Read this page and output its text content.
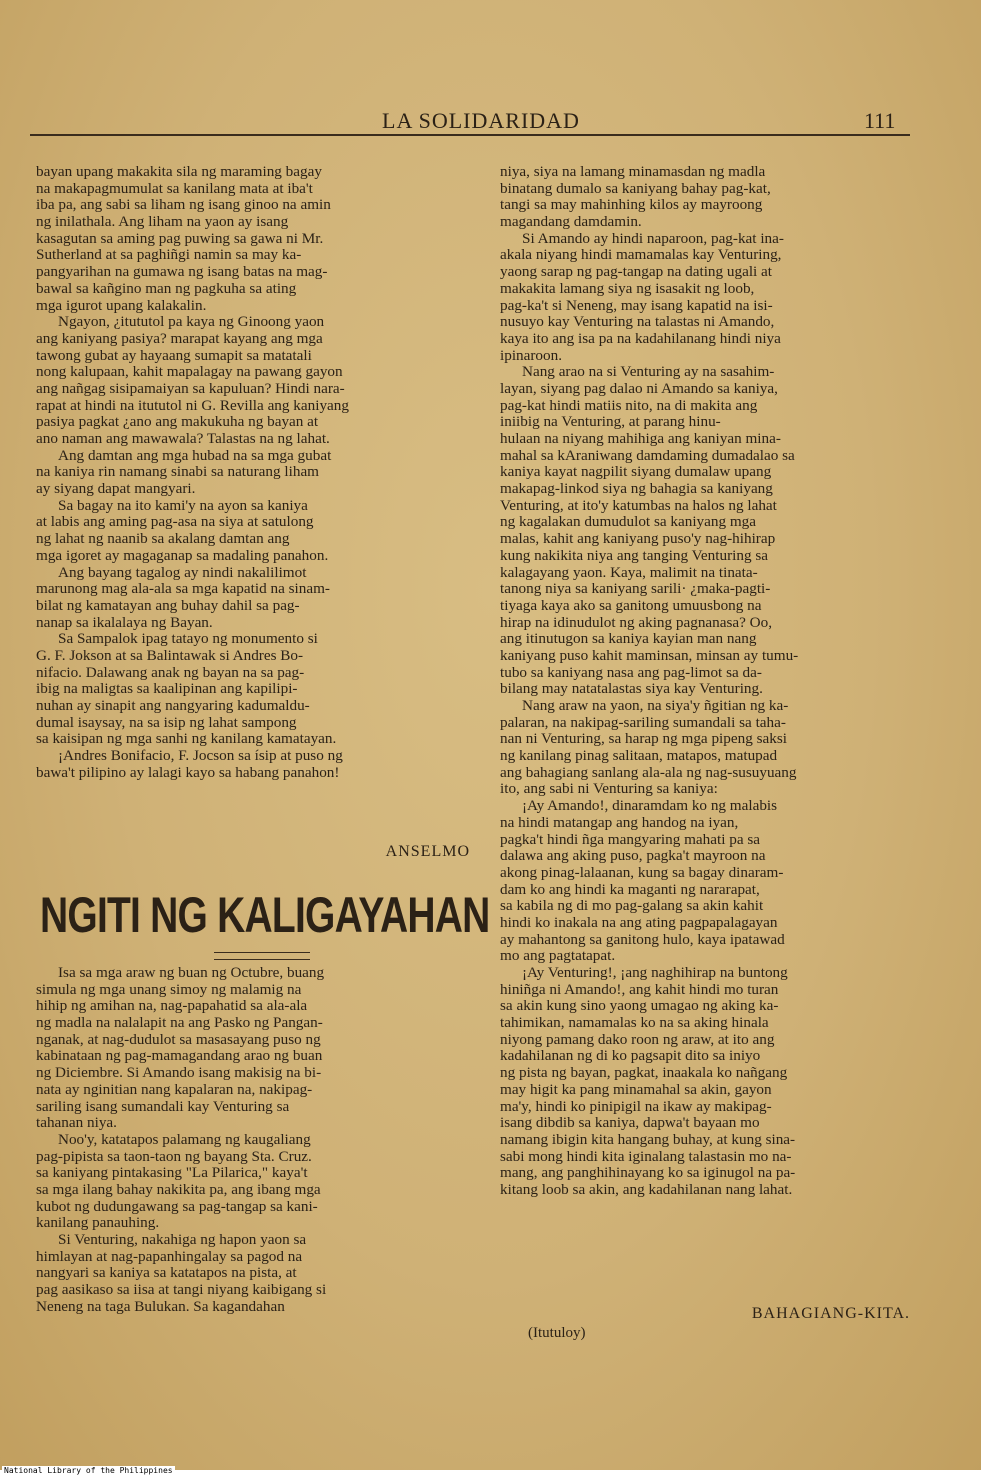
LA SOLIDARIDAD	111
bayan upang makakita sila ng maraming bagay
na makapagmumulat sa kanilang mata at iba't
iba pa, ang sabi sa liham ng isang ginoo na amin
ng inilathala. Ang liham na yaon ay isang
kasagutan sa aming pag puwing sa gawa ni Mr.
Sutherland at sa paghiñgi namin sa may ka-
pangyarihan na gumawa ng isang batas na mag-
bawal sa kañgino man ng pagkuha sa ating
mga igurot upang kalakalin.
Ngayon, ¿itututol pa kaya ng Ginoong yaon
ang kaniyang pasiya? marapat kayang ang mga
tawong gubat ay hayaang sumapit sa matatali
nong kalupaan, kahit mapalagay na pawang gayon
ang nañgag sisipamaiyan sa kapuluan? Hindi nara-
rapat at hindi na itututol ni G. Revilla ang kaniyang
pasiya pagkat ¿ano ang makukuha ng bayan at
ano naman ang mawawala? Talastas na ng lahat.
Ang damtan ang mga hubad na sa mga gubat
na kaniya rin namang sinabi sa naturang liham
ay siyang dapat mangyari.
Sa bagay na ito kami'y na ayon sa kaniya
at labis ang aming pag-asa na siya at satulong
ng lahat ng naanib sa akalang damtan ang
mga igoret ay magaganap sa madaling panahon.
Ang bayang tagalog ay nindi nakalilimot
marunong mag ala-ala sa mga kapatid na sinam-
bilat ng kamatayan ang buhay dahil sa pag-
nanap sa ikalalaya ng Bayan.
Sa Sampalok ipag tatayo ng monumento si
G. F. Jokson at sa Balintawak si Andres Bo-
nifacio. Dalawang anak ng bayan na sa pag-
ibig na maligtas sa kaalipinan ang kapilipi-
nuhan ay sinapit ang nangyaring kadumaldu-
dumal isaysay, na sa isip ng lahat sampong
sa kaisipan ng mga sanhi ng kanilang kamatayan.
¡Andres Bonifacio, F. Jocson sa ísip at puso ng
bawa't pilipino ay lalagi kayo sa habang panahon!
ANSELMO
NGITI NG KALIGAYAHAN
Isa sa mga araw ng buan ng Octubre, buang
simula ng mga unang simoy ng malamig na
hihip ng amihan na, nag-papahatid sa ala-ala
ng madla na nalalapit na ang Pasko ng Pangan-
nganak, at nag-dudulot sa masasayang puso ng
kabinataan ng pag-mamagandang arao ng buan
ng Diciembre. Si Amando isang makisig na bi-
nata ay nginitian nang kapalaran na, nakipag-
sariling isang sumandali kay Venturing sa
tahanan niya.
Noo'y, katatapos palamang ng kaugaliang
pag-pipista sa taon-taon ng bayang Sta. Cruz.
sa kaniyang pintakasing "La Pilarica," kaya't
sa mga ilang bahay nakikita pa, ang ibang mga
kubot ng dudungawang sa pag-tangap sa kani-
kanilang panauhing.
Si Venturing, nakahiga ng hapon yaon sa
himlayan at nag-papanhingalay sa pagod na
nangyari sa kaniya sa katatapos na pista, at
pag aasikaso sa iisa at tangi niyang kaibigang si
Neneng na taga Bulukan. Sa kagandahan
niya, siya na lamang minamasdan ng madla
binatang dumalo sa kaniyang bahay pag-kat,
tangi sa may mahinhing kilos ay mayroong
magandang damdamin.
Si Amando ay hindi naparoon, pag-kat ina-
akala niyang hindi mamamalas kay Venturing,
yaong sarap ng pag-tangap na dating ugali at
makakita lamang siya ng isasakit ng loob,
pag-ka't si Neneng, may isang kapatid na isi-
nusuyo kay Venturing na talastas ni Amando,
kaya ito ang isa pa na kadahilanang hindi niya
ipinaroon.
Nang arao na si Venturing ay na sasahim-
layan, siyang pag dalao ni Amando sa kaniya,
pag-kat hindi matiis nito, na di makita ang
iniibig na Venturing, at parang hinu-
hulaan na niyang mahihiga ang kaniyan mina-
mahal sa kAraniwang damdaming dumadalao sa
kaniya kayat nagpilit siyang dumalaw upang
makapag-linkod siya ng bahagia sa kaniyang
Venturing, at ito'y katumbas na halos ng lahat
ng kagalakan dumudulot sa kaniyang mga
malas, kahit ang kaniyang puso'y nag-hihirap
kung nakikita niya ang tanging Venturing sa
kalagayang yaon. Kaya, malimit na tinata-
tanong niya sa kaniyang sarili· ¿maka-pagti-
tiyaga kaya ako sa ganitong umuusbong na
hirap na idinudulot ng aking pagnanasa? Oo,
ang itinutugon sa kaniya kayian man nang
kaniyang puso kahit maminsan, minsan ay tumu-
tubo sa kaniyang nasa ang pag-limot sa da-
bilang may natatalastas siya kay Venturing.
Nang araw na yaon, na siya'y ñgitian ng ka-
palaran, na nakipag-sariling sumandali sa taha-
nan ni Venturing, sa harap ng mga pipeng saksi
ng kanilang pinag salitaan, matapos, matupad
ang bahagiang sanlang ala-ala ng nag-susuyuang
ito, ang sabi ni Venturing sa kaniya:
¡Ay Amando!, dinaramdam ko ng malabis
na hindi matangap ang handog na iyan,
pagka't hindi ñga mangyaring mahati pa sa
dalawa ang aking puso, pagka't mayroon na
akong pinag-lalaanan, kung sa bagay dinaram-
dam ko ang hindi ka maganti ng nararapat,
sa kabila ng di mo pag-galang sa akin kahit
hindi ko inakala na ang ating pagpapalagayan
ay mahantong sa ganitong hulo, kaya ipatawad
mo ang pagtatapat.
¡Ay Venturing!, ¡ang naghihirap na buntong
hiniñga ni Amando!, ang kahit hindi mo turan
sa akin kung sino yaong umagao ng aking ka-
tahimikan, namamalas ko na sa aking hinala
niyong pamang dako roon ng araw, at ito ang
kadahilanan ng di ko pagsapit dito sa iniyo
ng pista ng bayan, pagkat, inaakala ko nañgang
may higit ka pang minamahal sa akin, gayon
ma'y, hindi ko pinipigil na ikaw ay makipag-
isang dibdib sa kaniya, dapwa't bayaan mo
namang ibigin kita hangang buhay, at kung sina-
sabi mong hindi kita iginalang talastasin mo na-
mang, ang panghihinayang ko sa iginugol na pa-
kitang loob sa akin, ang kadahilanan nang lahat.
BAHAGIANG-KITA.
(Itutuloy)
National Library of the Philippines
